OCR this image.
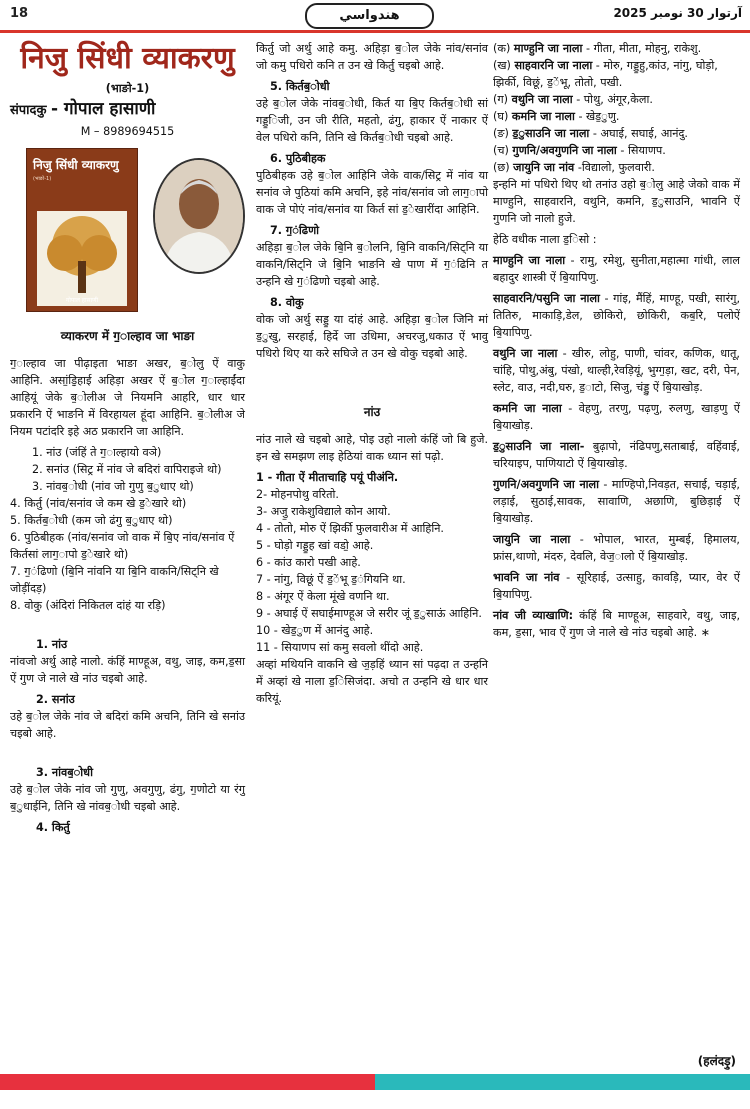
18	هندواسي	آرتوار 30 نومبر 2025
निजु सिंधी व्याकरणु
(भाङो-1)
संपादकु - गोपाल हासाणी
M – 8989694515
निजु सिंधी व्याकरणु
(भाङो-1)
गोपाल हासाणी
व्याकरण में ग॒ाल्हाव जा भाङा

ग॒ाल्हाव जा पीढ़ाइता भाङा अखर, ब॒ोलु ऐं वाकु आहिनि. असां॒ड़ि॒हाई अहिड़ा अखर ऐं ब॒ोल ग॒ाल्हाईंदा आहियूं जेके ब॒ोलीअ जे नियमनि आहरि, धार धार प्रकारनि ऐं भाङनि में विरहायल हूंदा आहिनि. ब॒ोलीअ जे नियम पटांदरि इहे अठ प्रकारनि जा आहिनि.

1. नांउ (जंहिं ते ग॒ाल्हायो वञे)
2. सनांउ (सिट्र में नांव जे बदिरां वापिराइजे थो)
3. नांवब॒ोधी (नांव जो गुणु ब॒ुधाए थो)
4. किर्तु (नांव/सनांव जे कम खे ड॒ेखारे थो)
5. किर्तब॒ोधी (कम जो ढंगु ब॒ुधाए थो)
6. पुठिबीहक (नांव/सनांव जो वाक में बि॒ए नांव/सनांव ऐं किर्तसां लाग॒ापो ड॒ेखारे थो)
7. ग॒ंढिणो (बि॒नि नांवनि या बि॒नि वाकनि/सिट्नि खे जोड़ींदड़)
8. वोकु (अंदिरां निकितल दांहं या रड़ि)
1. नांउ

नांवजो अर्थु आहे नालो. कंहिं माण्हूअ, वथु, जाइ, कम,ड॒सा ऐं गुण जे नाले खे नांउ चइबो आहे.

2. सनांउ

उहे ब॒ोल जेके नांव जे बदिरां कमि अचनि, तिनि खे सनांउ चइबो आहे.

3. नांवब॒ोधी

उहे ब॒ोल जेके नांव जो गुणु, अवगुणु, ढंगु, ग॒णोटो या रंगु ब॒ुधाईनि, तिनि खे नांवब॒ोधी चइबो आहे.

4. किर्तु

किर्तु जो अर्थु आहे कमु. अहिड़ा ब॒ोल जेके नांव/सनांव जो कमु पधिरो कनि त उन खे किर्तु चइबो आहे.

5. किर्तब॒ोधी

उहे ब॒ोल जेके नांवब॒ोधी, किर्त या बि॒ए किर्तब॒ोधी सां गड्ड॒िजी, उन जी रीति, महतो, ढंगु, हाकार ऐं नाकार ऐं वेल पधिरो कनि, तिनि खे किर्तब॒ोधी चइबो आहे.

6. पुठिबीहक

पुठिबीहक उहे ब॒ोल आहिनि जेके वाक/सिट्र में नांव या सनांव जे पुठियां कमि अचनि, इहे नांव/सनांव जो लाग॒ापो वाक जे पोएं नांव/सनांव या किर्त सां ड॒ेखारींदा आहिनि.

7. ग॒ंढिणो

अहिड़ा ब॒ोल जेके बि॒नि ब॒ोलनि, बि॒नि वाकनि/सिट्नि या वाकनि/सिट्नि जे बि॒नि भाङनि खे पाण में ग॒ंढिनि त उन्हनि खे ग॒ंढिणो चइबो आहे.

8. वोकु

वोक जो अर्थु सड्ड॒ या दांहं आहे. अहिड़ा ब॒ोल जिनि मां ड॒ुखु, सरहाई, हिर्दे जा उधिमा, अचरजु,धकाउ ऐं भावु पधिरो थिए या करे सघिजे त उन खे वोकु चइबो आहे.

नांउ

नांउ नाले खे चइबो आहे, पोइ उहो नालो कंहिं जो बि हुजे. इन खे समझण लाइ हेठियां वाक ध्यान सां पढ़ो.

1 - गीता ऐं मीताचाहि पयूं पीअंनि.

2- मोहनपोथु वरितो.

3- अजु॒ राकेशुविद्याले कोन आयो.

4 - तोतो, मोरु ऐं झिर्की फुलवारीअ में आहिनि.

5 - घोड़ो गड्ड॒ह खां वडो॒ आहे.

6 - कांउ कारो पखी आहे.

7 - नांगु, विछूं ऐं ड॒ेंभू ड॒ंगियनि था.

8 - अंगूर ऐं केला मूंखे वणनि था.

9 - अघाई ऐं सघाईमाण्हूअ जे सरीर जूं ड॒ुसाऊं आहिनि.

10 - खेड॒ुण में आनंदु आहे.

11 - सियाणप सां कमु सवलो थींदो आहे.

अव्हां मथियनि वाकनि खे ज॒ड़हिं ध्यान सां पढ़दा त उन्हनि में अव्हां खे नाला ड॒िसिजंदा. अचो त उन्हनि खे धार धार करियूं.

(क) माण्हुनि जा नाला - गीता, मीता, मोहनु, राकेशु.
(ख) साहवारनि जा नाला - मोरु, गड्ड॒हु,कांउ, नांगु, घोड़ो, झिर्की, विछूं, ड॒ेंभू, तोतो, पखी.
(ग) वथुनि जा नाला - पोथु, अंगूर,केला.
(घ) कमनि जा नाला - खेड॒ुणु.
(ङ) ड॒ुसाउनि जा नाला - अघाई, सघाई, आनंदु.
(च) गुणनि/अवगुणनि जा नाला - सियाणप.
(छ) जायुनि जा नांव -विद्यालो, फुलवारी.

इन्हनि मां पधिरो थिए थो तनांउ उहो ब॒ोलु आहे जेको वाक में माण्हुनि, साहवारनि, वथुनि, कमनि, ड॒ुसाउनि, भावनि ऐं गुणनि जो नालो हुजे.

हेठि वधीक नाला ड॒िसो :

माण्हुनि जा नाला - रामु, रमेशु, सुनीता,महात्मा गांधी, लाल बहादुर शास्त्री ऐं बि॒यापिणु.

साहवारनि/पसुनि जा नाला - गांइ, मैंहिं, माण्हू, पखी, सारंगु, तितिरु, माकाड़ि,डेल, छोकिरो, छोकिरी, कब॒रि, पलोऐं बि॒यापिणु.

वथुनि जा नाला - खीरु, लोहु, पाणी, चांवर, कणिक, धातू, चांहि, पोथु,अंबु, पंखो, थाल्ही,रेवड़ियूं, भुग्ग॒ड़ा, खट, दरी, पेन, स्लेट, वाउ, नदी,घरु, ड॒ाटो, सिजु, चंड्डु ऐं बि॒याखोड़.

कमनि जा नाला - वेहणु, तरणु, पढ़णु, रुलणु, खाड़णु ऐं बि॒याखोड़.

ड॒ुसाउनि जा नाला- बुढ़ापो, नंढिपणु,सताबाई, वहिंवाई, चरियाइप, पाणियाटो ऐं बि॒याखोड़.

गुणनि/अवगुणनि जा नाला - माण्हिपो,निवड़त, सचाई, चड़ाई, लड़ाई, सुठाई,सावक, सावाणि, अछाणि, बुछिड़ाई ऐं बि॒याखोड़.

जायुनि जा नाला - भोपाल, भारत, मुम्बई, हिमालय, फ्रांस,थाणो, मंदरु, देवलि, वेज॒ालो ऐं बि॒याखोड़.

भावनि जा नांव - सूरिहाई, उत्साहु, कावड़ि, प्यार, वेर ऐं बि॒यापिणु.

नांव जी व्याखाणि: कंहिं बि माण्हूअ, साहवारे, वथु, जाइ, कम, ड॒सा, भाव ऐं गुण जे नाले खे नांउ चइबो आहे. ∗

(हलंदड़ु)
